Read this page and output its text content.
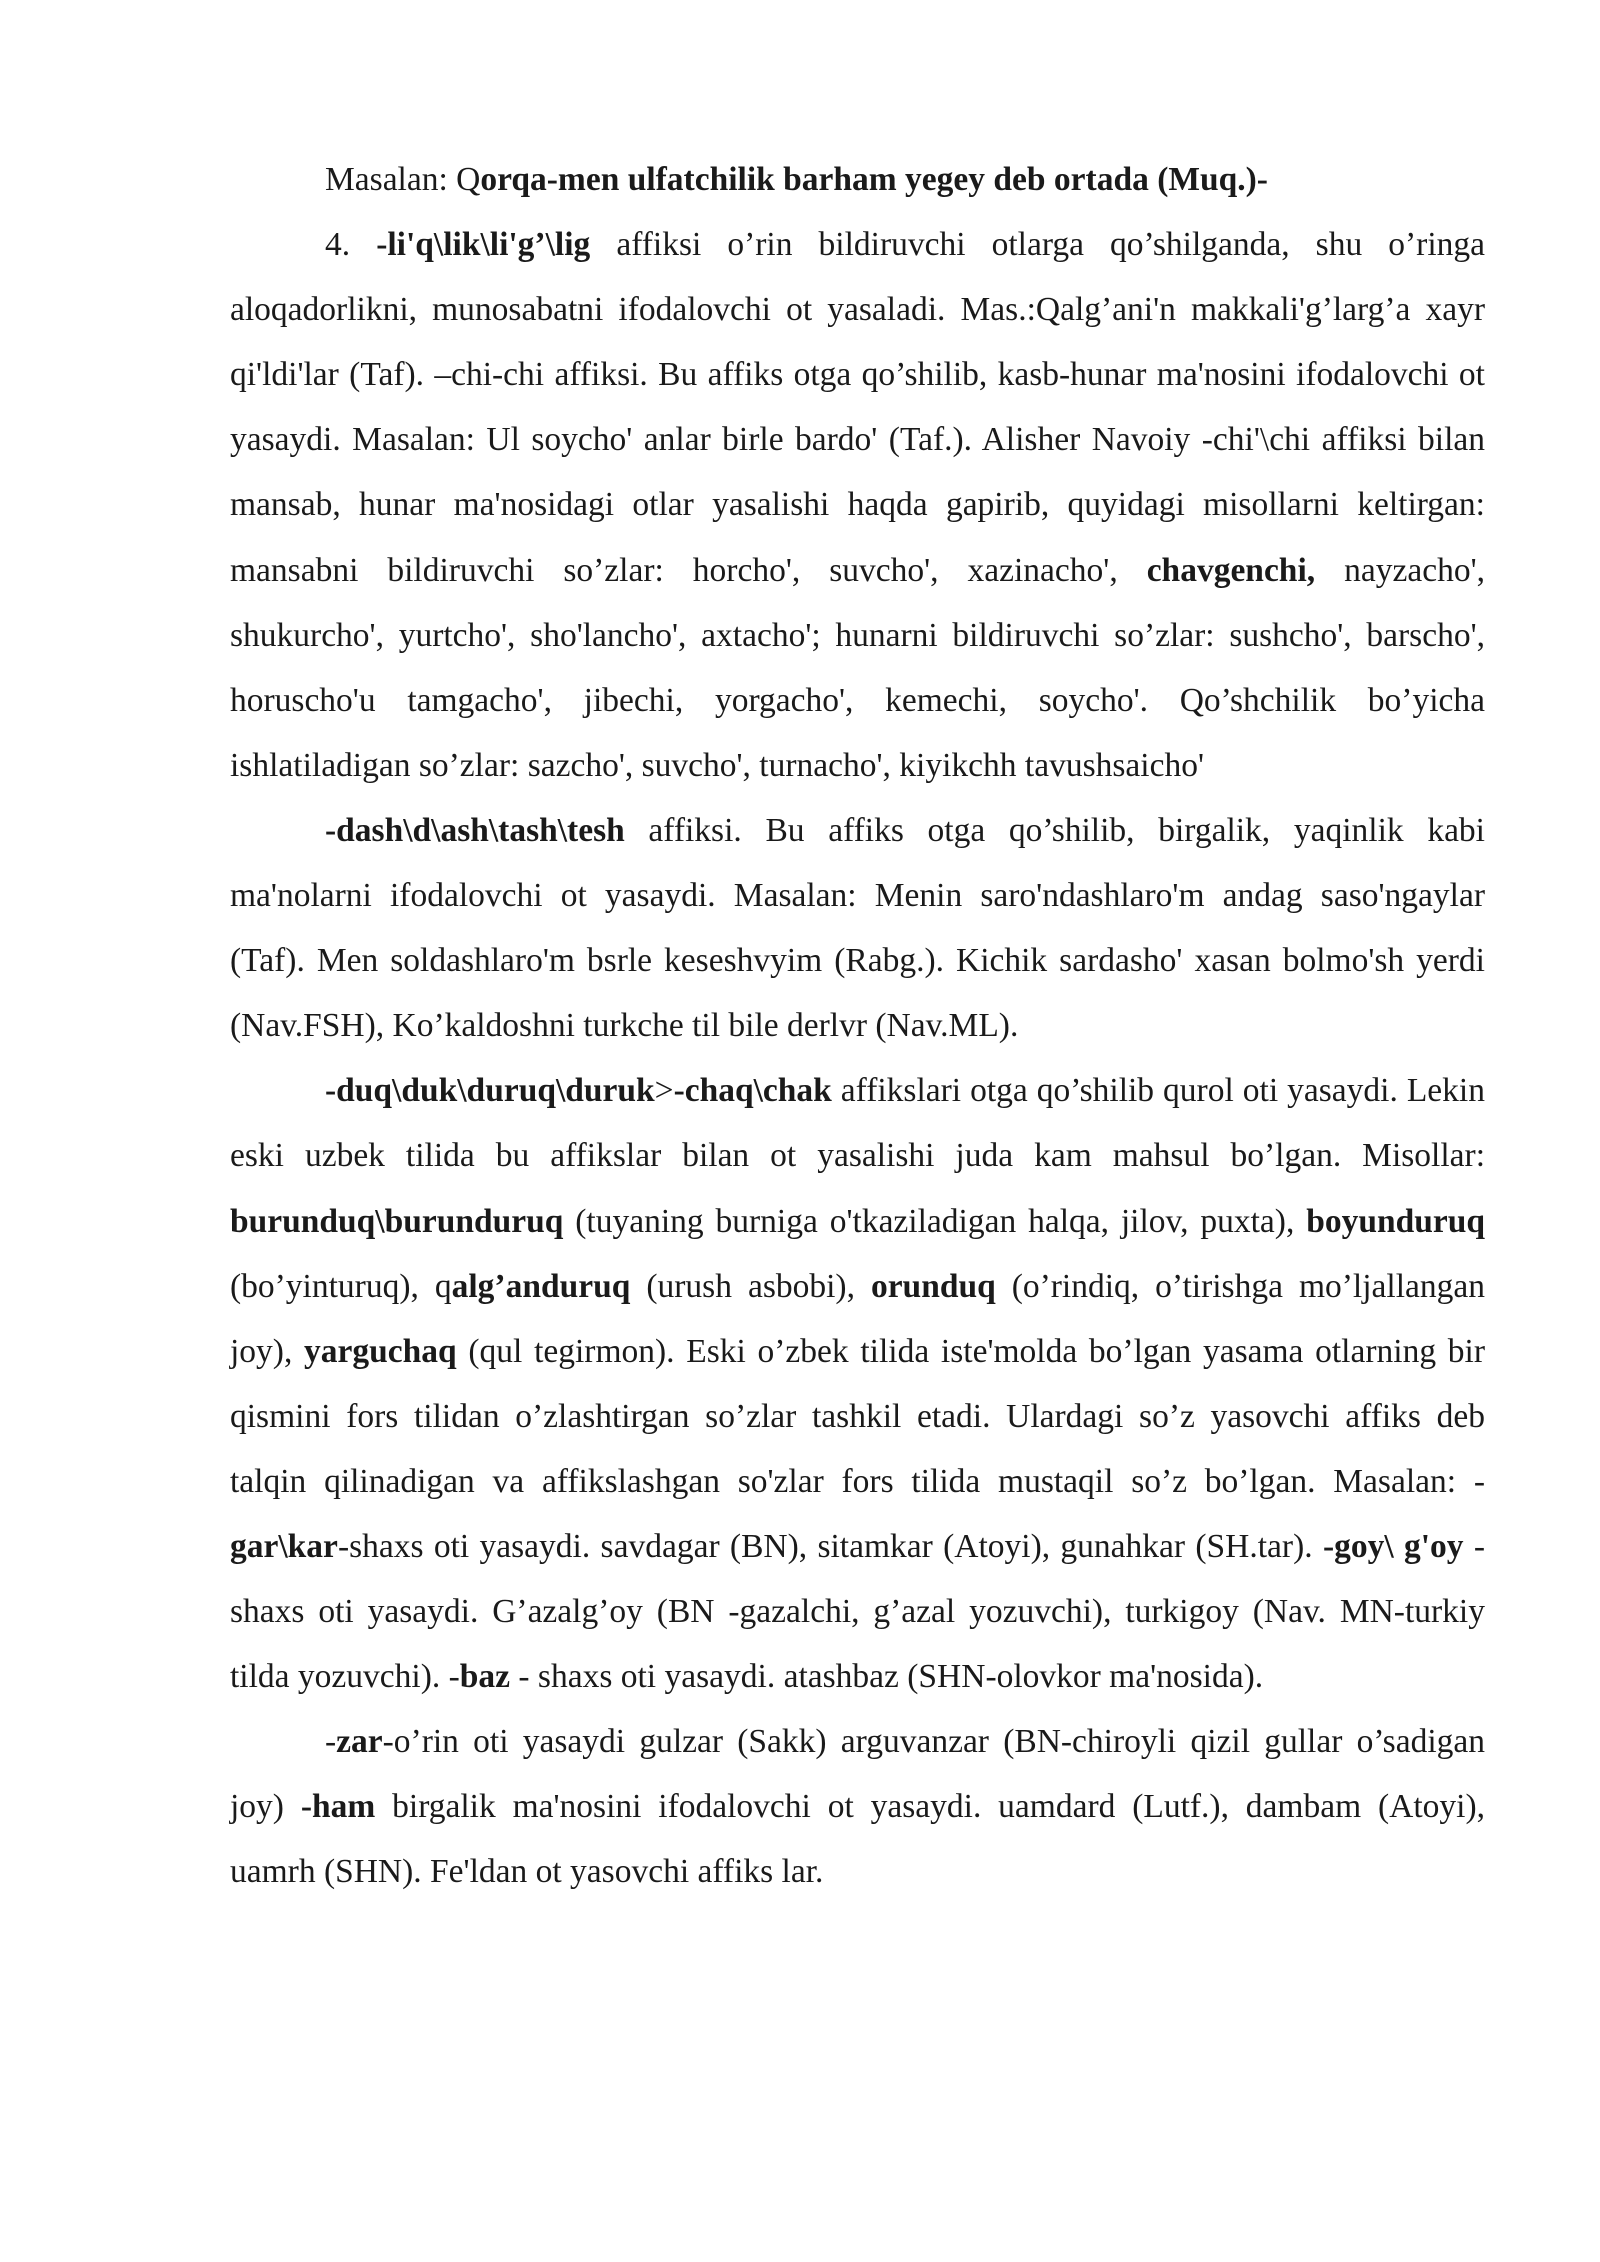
Masalan: Qorqa-men ulfatchilik barham yegey deb ortada (Muq.)-

4. -li'q\lik\li'g’\lig affiksi o’rin bildiruvchi otlarga qo’shilganda, shu o’ringa aloqadorlikni, munosabatni ifodalovchi ot yasaladi. Mas.:Qalg’ani'n makkali'g’larg’a xayr qi'ldi'lar (Taf). –chi-chi affiksi. Bu affiks otga qo’shilib, kasb-hunar ma'nosini ifodalovchi ot yasaydi. Masalan: Ul soycho' anlar birle bardo' (Taf.). Alisher Navoiy -chi'\chi affiksi bilan mansab, hunar ma'nosidagi otlar yasalishi haqda gapirib, quyidagi misollarni keltirgan: mansabni bildiruvchi so’zlar: horcho', suvcho', xazinacho', chavgenchi, nayzacho', shukurcho', yurtcho', sho'lancho', axtacho'; hunarni bildiruvchi so’zlar: sushcho', barscho', horuscho'u tamgacho', jibechi, yorgacho', kemechi, soycho'. Qo’shchilik bo’yicha ishlatiladigan so’zlar: sazcho', suvcho', turnacho', kiyikchh tavushsaicho'

-dash\d\ash\tash\tesh affiksi. Bu affiks otga qo’shilib, birgalik, yaqinlik kabi ma'nolarni ifodalovchi ot yasaydi. Masalan: Menin saro'ndashlaro'm andag saso'ngaylar (Taf). Men soldashlaro'm bsrle keseshvyim (Rabg.). Kichik sardasho' xasan bolmo'sh yerdi (Nav.FSH), Ko’kaldoshni turkche til bile derlvr (Nav.ML).

-duq\duk\duruq\duruk>-chaq\chak affikslari otga qo’shilib qurol oti yasaydi. Lekin eski uzbek tilida bu affikslar bilan ot yasalishi juda kam mahsul bo’lgan. Misollar: burunduq\burunduruq (tuyaning burniga o'tkaziladigan halqa, jilov, puxta), boyunduruq (bo’yinturuq), qalg’anduruq (urush asbobi), orunduq (o’rindiq, o’tirishga mo’ljallangan joy), yarguchaq (qul tegirmon). Eski o’zbek tilida iste'molda bo’lgan yasama otlarning bir qismini fors tilidan o’zlashtirgan so’zlar tashkil etadi. Ulardagi so’z yasovchi affiks deb talqin qilinadigan va affikslashgan so'zlar fors tilida mustaqil so’z bo’lgan. Masalan: -gar\kar-shaxs oti yasaydi. savdagar (BN), sitamkar (Atoyi), gunahkar (SH.tar). -goy\ g'oy - shaxs oti yasaydi. G’azalg’oy (BN -gazalchi, g’azal yozuvchi), turkigoy (Nav. MN-turkiy tilda yozuvchi). -baz - shaxs oti yasaydi. atashbaz (SHN-olovkor ma'nosida).

-zar-o’rin oti yasaydi gulzar (Sakk) arguvanzar (BN-chiroyli qizil gullar o’sadigan joy) -ham birgalik ma'nosini ifodalovchi ot yasaydi. uamdard (Lutf.), dambam (Atoyi), uamrh (SHN). Fe'ldan ot yasovchi affiks lar.
